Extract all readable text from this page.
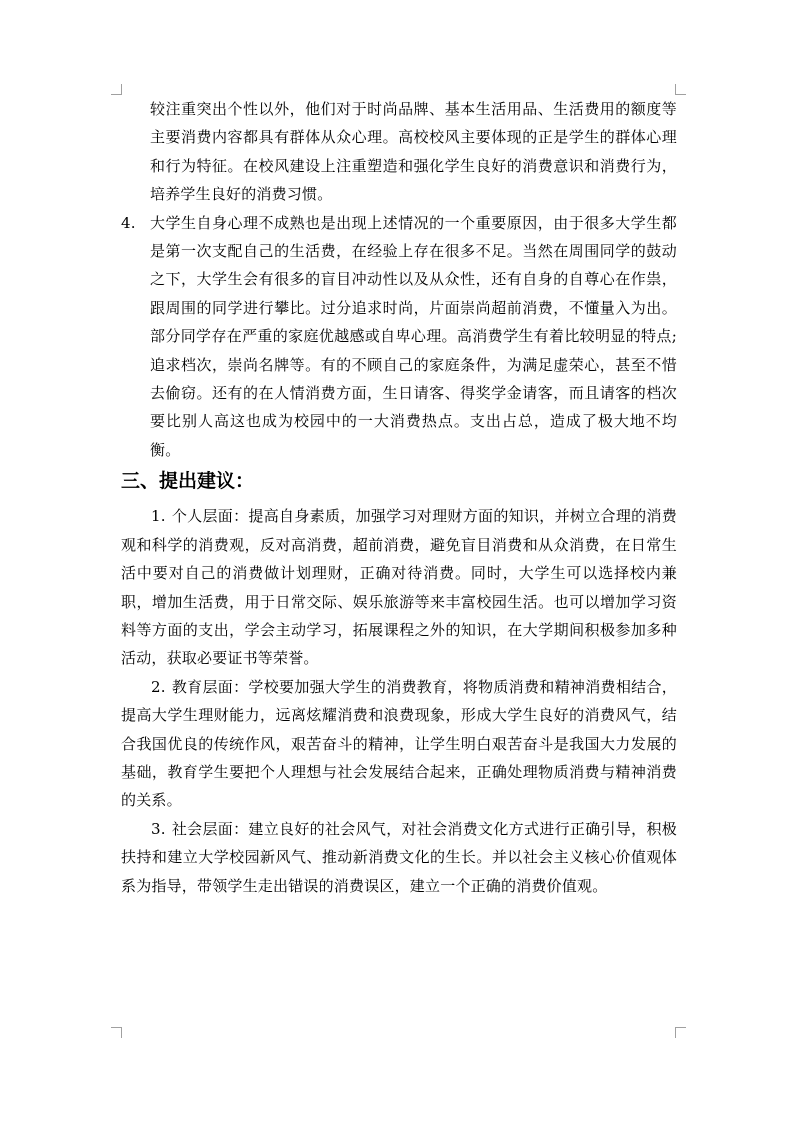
较注重突出个性以外，他们对于时尚品牌、基本生活用品、生活费用的额度等主要消费内容都具有群体从众心理。高校校风主要体现的正是学生的群体心理和行为特征。在校风建设上注重塑造和强化学生良好的消费意识和消费行为，培养学生良好的消费习惯。

4. 大学生自身心理不成熟也是出现上述情况的一个重要原因，由于很多大学生都是第一次支配自己的生活费，在经验上存在很多不足。当然在周围同学的鼓动之下，大学生会有很多的盲目冲动性以及从众性，还有自身的自尊心在作祟，跟周围的同学进行攀比。过分追求时尚，片面崇尚超前消费，不懂量入为出。部分同学存在严重的家庭优越感或自卑心理。高消费学生有着比较明显的特点;追求档次，崇尚名牌等。有的不顾自己的家庭条件，为满足虚荣心，甚至不惜去偷窃。还有的在人情消费方面，生日请客、得奖学金请客，而且请客的档次要比别人高这也成为校园中的一大消费热点。支出占总，造成了极大地不均衡。
三、提出建议：

1. 个人层面：提高自身素质，加强学习对理财方面的知识，并树立合理的消费观和科学的消费观，反对高消费，超前消费，避免盲目消费和从众消费，在日常生活中要对自己的消费做计划理财，正确对待消费。同时，大学生可以选择校内兼职，增加生活费，用于日常交际、娱乐旅游等来丰富校园生活。也可以增加学习资料等方面的支出，学会主动学习，拓展课程之外的知识，在大学期间积极参加多种活动，获取必要证书等荣誉。

2. 教育层面：学校要加强大学生的消费教育，将物质消费和精神消费相结合，提高大学生理财能力，远离炫耀消费和浪费现象，形成大学生良好的消费风气，结合我国优良的传统作风，艰苦奋斗的精神，让学生明白艰苦奋斗是我国大力发展的基础，教育学生要把个人理想与社会发展结合起来，正确处理物质消费与精神消费的关系。

3. 社会层面：建立良好的社会风气，对社会消费文化方式进行正确引导，积极扶持和建立大学校园新风气、推动新消费文化的生长。并以社会主义核心价值观体系为指导，带领学生走出错误的消费误区，建立一个正确的消费价值观。
